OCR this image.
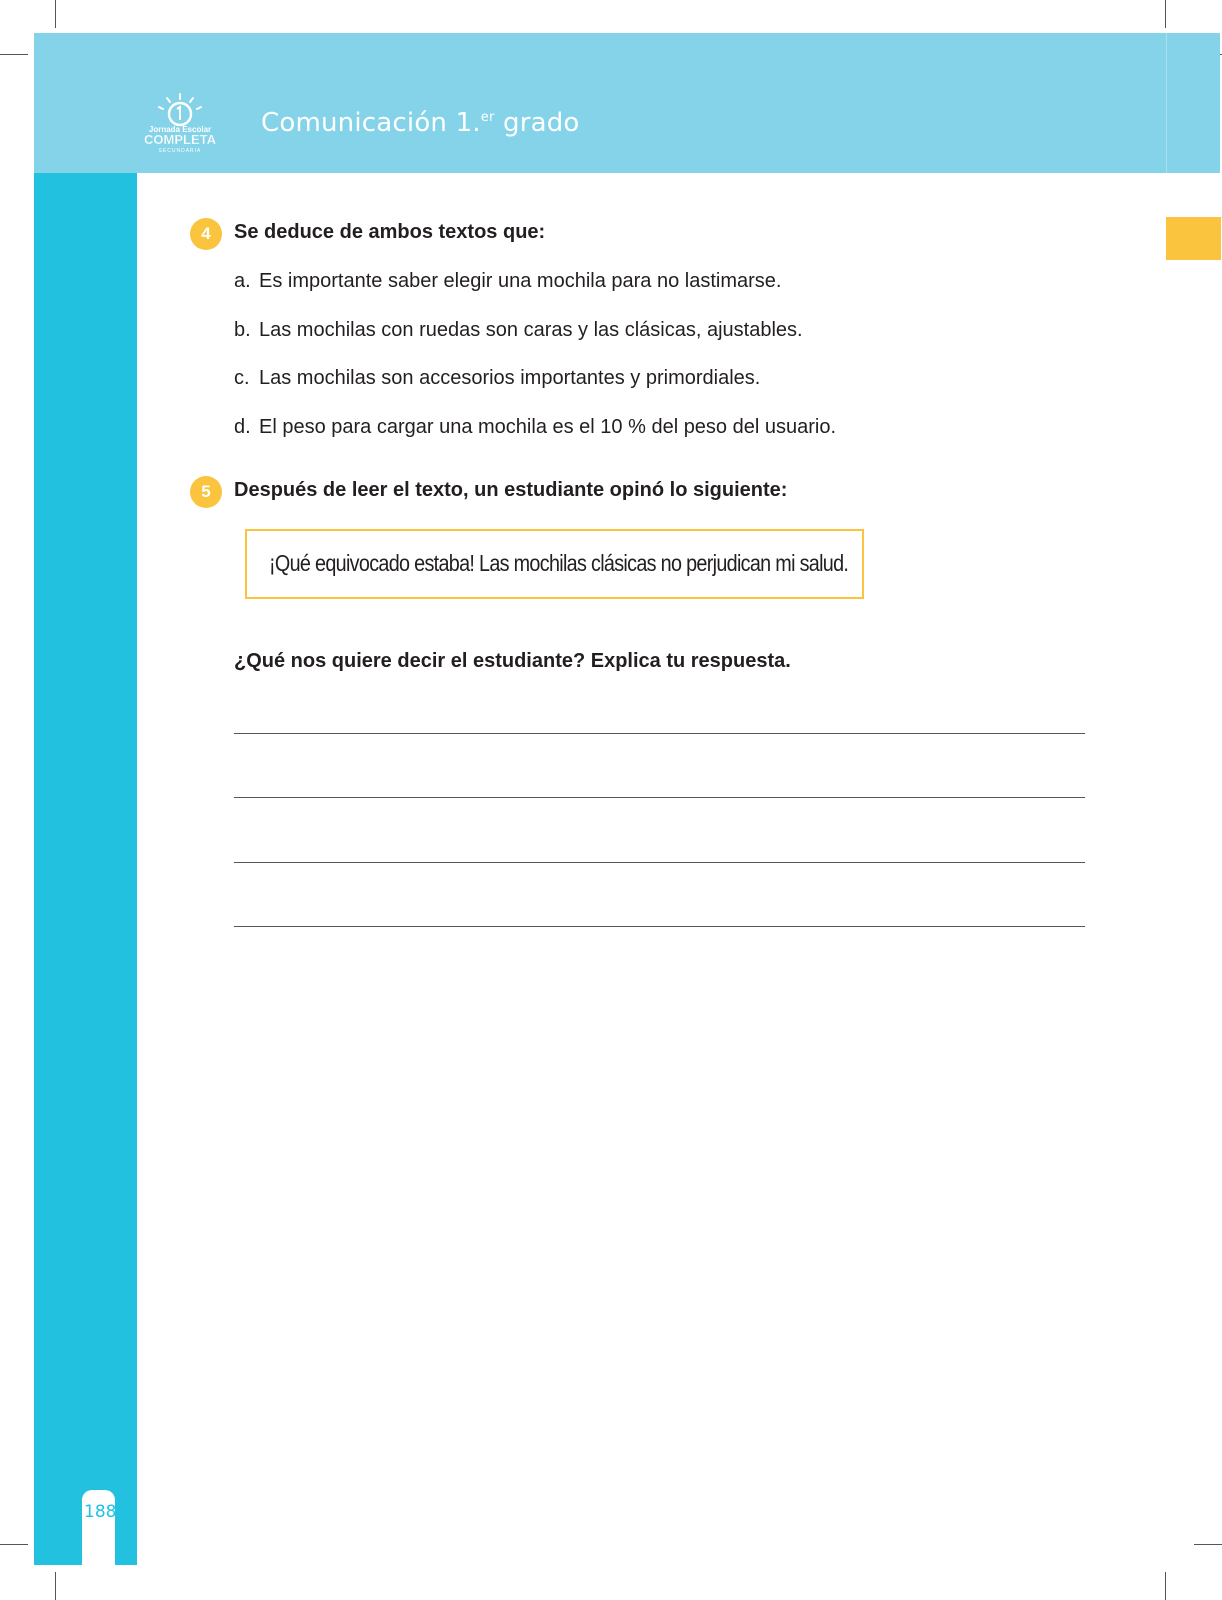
Jornada Escolar
COMPLETA
SECUNDARIA
Comunicación 1.$^{er}$ grado
188
4	Se deduce de ambos textos que:
a. Es importante saber elegir una mochila para no lastimarse.
b. Las mochilas con ruedas son caras y las clásicas, ajustables.
c. Las mochilas son accesorios importantes y primordiales.
d. El peso para cargar una mochila es el 10 % del peso del usuario.
5	Después de leer el texto, un estudiante opinó lo siguiente:
¡Qué equivocado estaba! Las mochilas clásicas no perjudican mi salud.
¿Qué nos quiere decir el estudiante? Explica tu respuesta.
